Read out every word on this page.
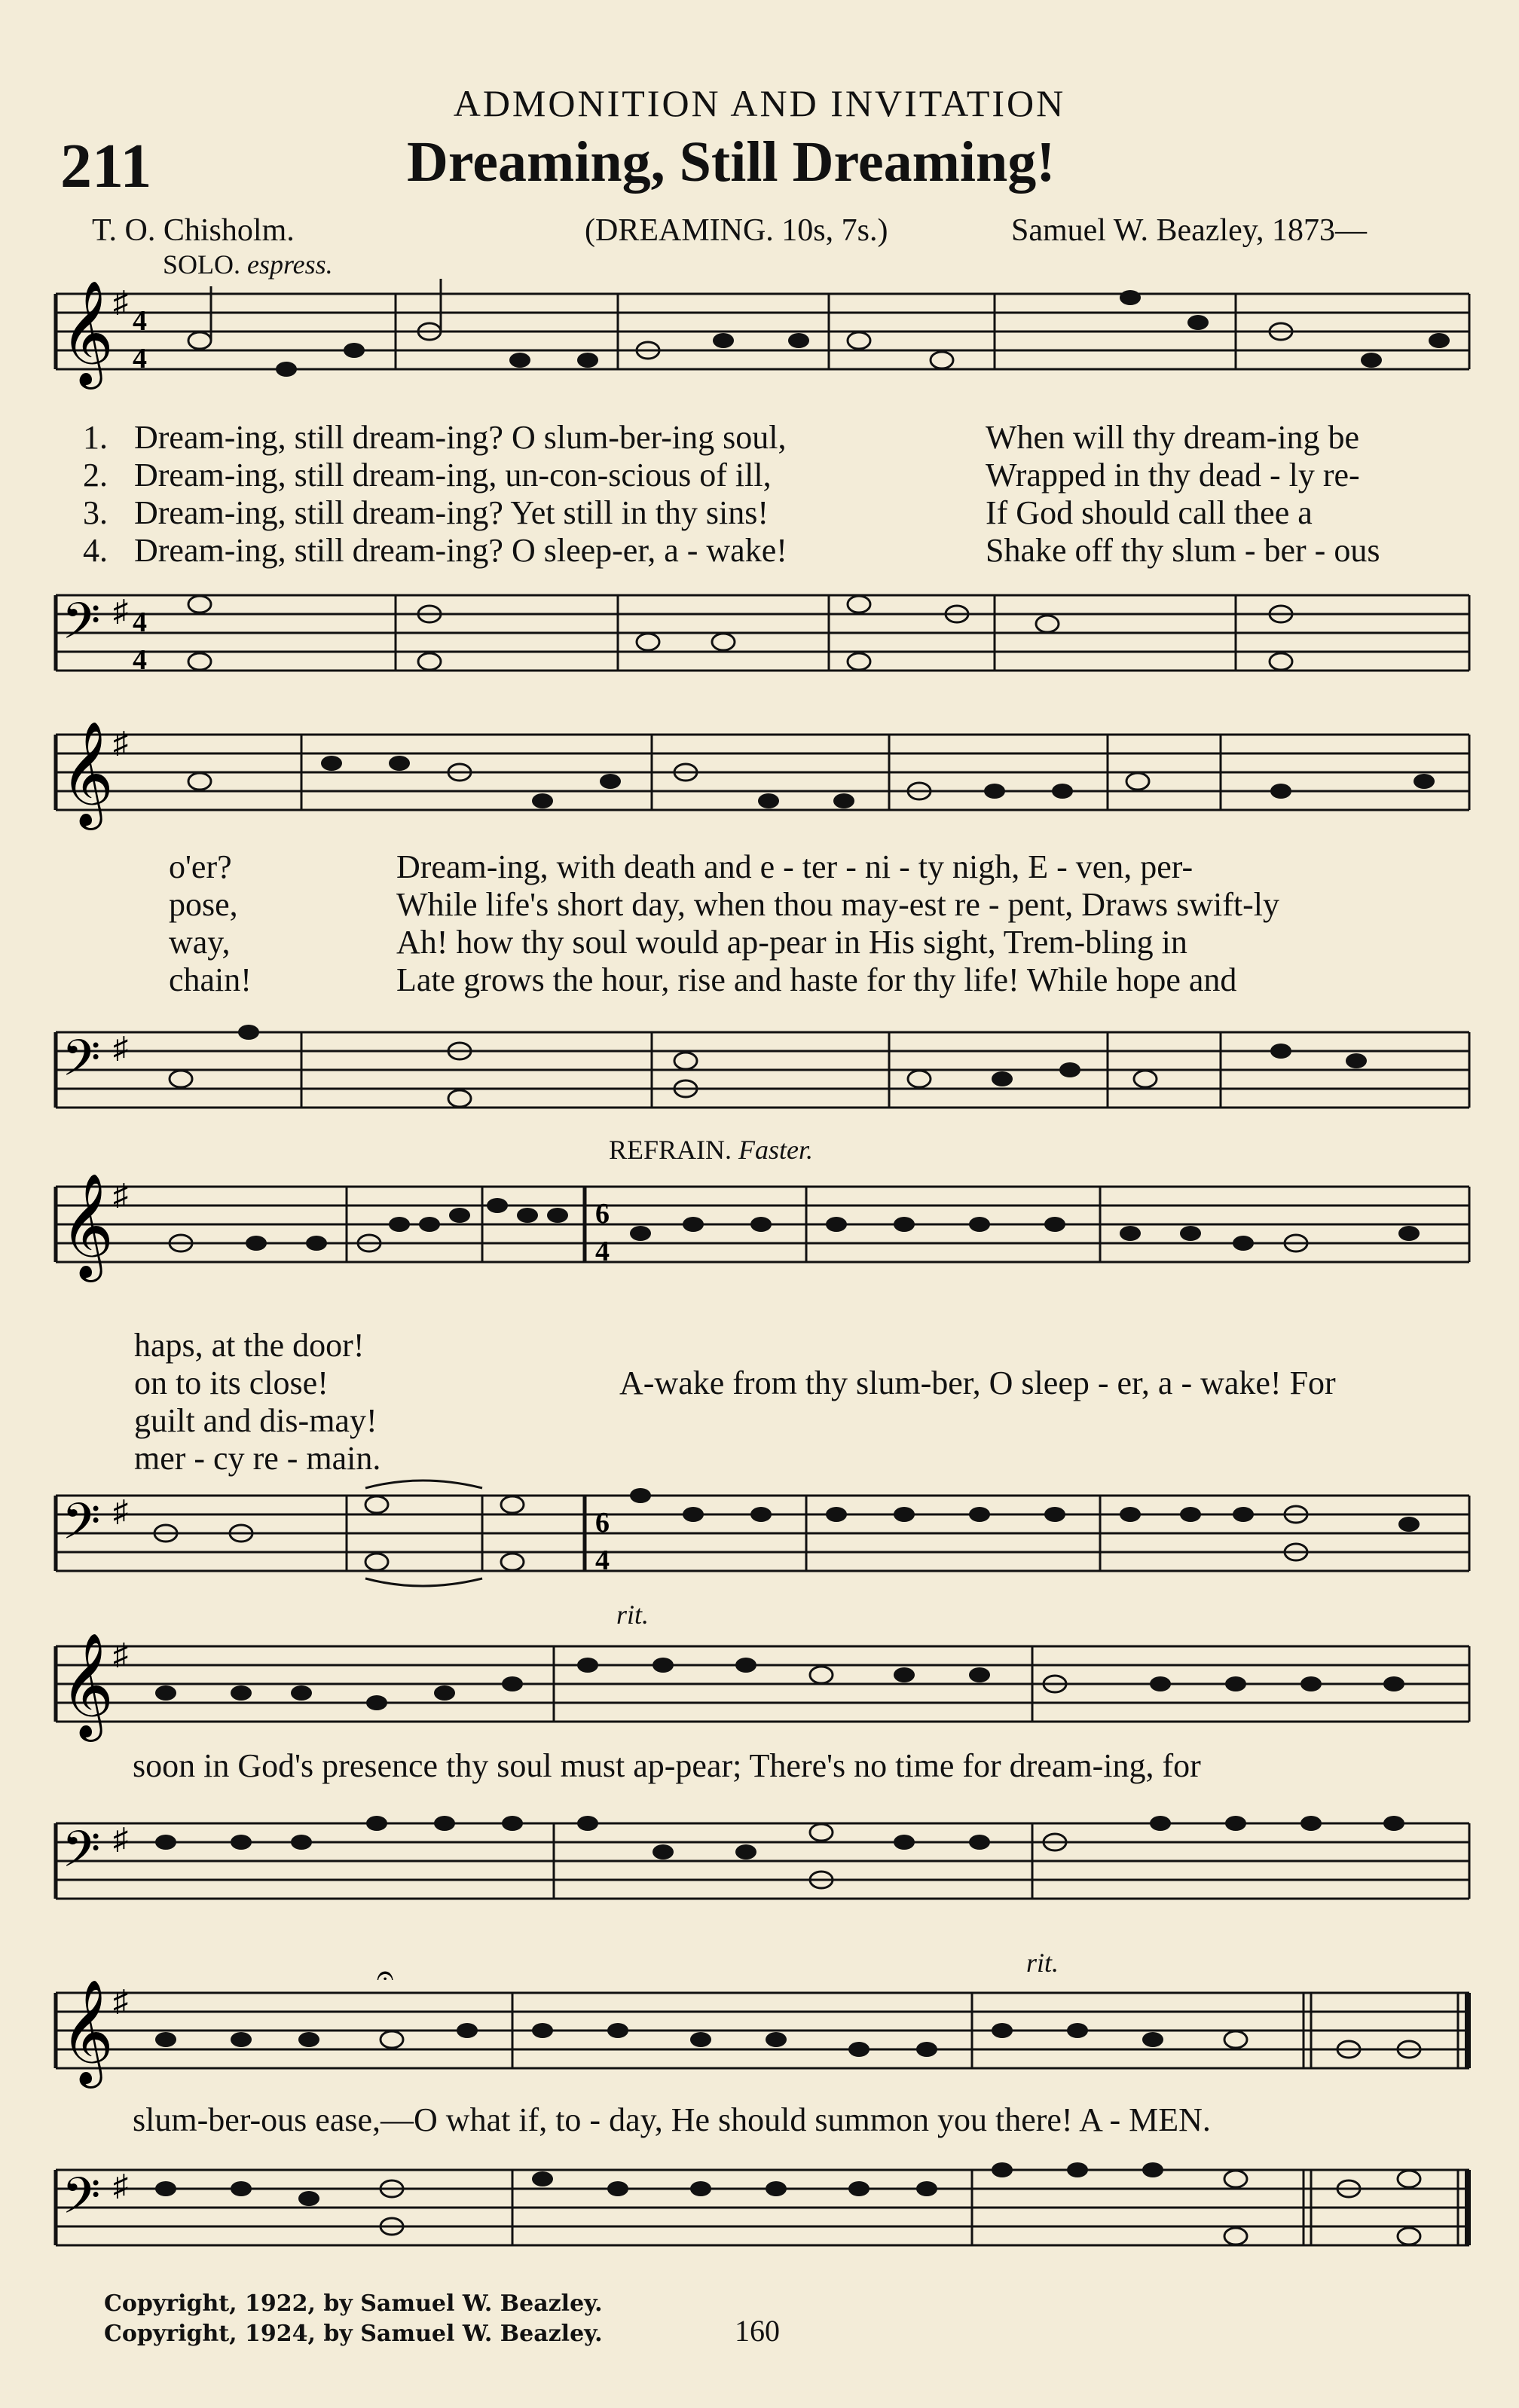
ADMONITION AND INVITATION
211	Dreaming, Still Dreaming!
T. O. Chisholm.	(DREAMING. 10s, 7s.)	Samuel W. Beazley, 1873—
SOLO. espress.
REFRAIN. Faster.
rit.
rit.
𝄞 ♯
4
4
1. Dream-ing, still dream-ing? O slum-ber-ing soul,	When will thy dream-ing be
2. Dream-ing, still dream-ing, un-con-scious of ill,	Wrapped in thy dead - ly re-
3. Dream-ing, still dream-ing? Yet still in thy sins!	If God should call thee a
4. Dream-ing, still dream-ing? O sleep-er, a - wake!	Shake off thy slum - ber - ous
𝄢 ♯ 4
4
𝄞 ♯
o'er?	Dream-ing, with death and e - ter - ni - ty nigh, E - ven, per-
pose,	While life's short day, when thou may-est re - pent, Draws swift-ly
way,	Ah! how thy soul would ap-pear in His sight, Trem-bling in
chain!	Late grows the hour, rise and haste for thy life! While hope and
𝄢 ♯
𝄞 ♯
6
4
haps, at the door!
on to its close!	A-wake from thy slum-ber, O sleep - er, a - wake! For
guilt and dis-may!
mer - cy re - main.
𝄢 ♯	6
4
𝄞 ♯
soon in God's presence thy soul must ap-pear; There's no time for dream-ing, for
𝄢 ♯
𝄞 ♯
𝄐
slum-ber-ous ease,—O what if, to - day, He should summon you there! A - MEN.
𝄢 ♯
Copyright, 1922, by Samuel W. Beazley.
Copyright, 1924, by Samuel W. Beazley.	160
